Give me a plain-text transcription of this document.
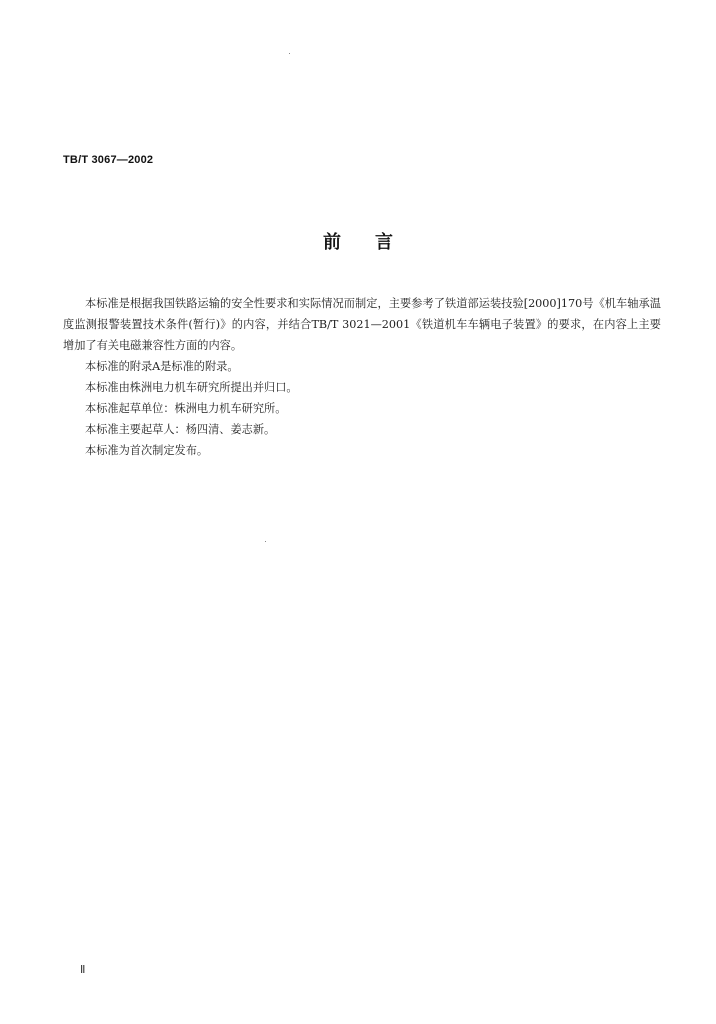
TB/T 3067—2002
前言

本标准是根据我国铁路运输的安全性要求和实际情况而制定，主要参考了铁道部运装技验[2000]170号《机车轴承温度监测报警装置技术条件(暂行)》的内容，并结合TB/T 3021—2001《铁道机车车辆电子装置》的要求，在内容上主要增加了有关电磁兼容性方面的内容。

本标准的附录A是标准的附录。

本标准由株洲电力机车研究所提出并归口。

本标准起草单位：株洲电力机车研究所。

本标准主要起草人：杨四清、姜志新。

本标准为首次制定发布。

Ⅱ
